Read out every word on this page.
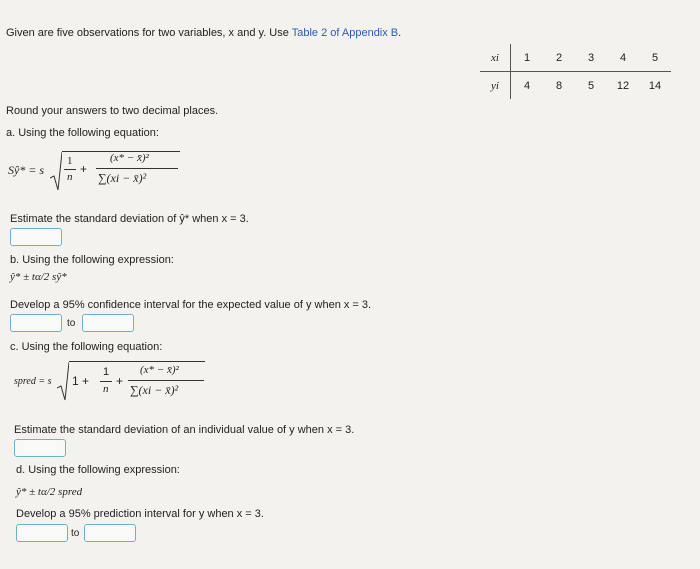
Given are five observations for two variables, x and y. Use Table 2 of Appendix B.
xi	1	2	3	4	5
yi	4	8	5	12	14
Round your answers to two decimal places.
a. Using the following equation:
Sŷ* = s
1
n
+
(x* − x̄)²
∑(xi − x̄)²
Estimate the standard deviation of ŷ* when x = 3.
b. Using the following expression:
ŷ* ± tα/2 sŷ*
Develop a 95% confidence interval for the expected value of y when x = 3.
to
c. Using the following equation:
spred = s 1 +
1
n
+
(x* − x̄)²
∑(xi − x̄)²
Estimate the standard deviation of an individual value of y when x = 3.
d. Using the following expression:
ŷ* ± tα/2 spred
Develop a 95% prediction interval for y when x = 3.
to
